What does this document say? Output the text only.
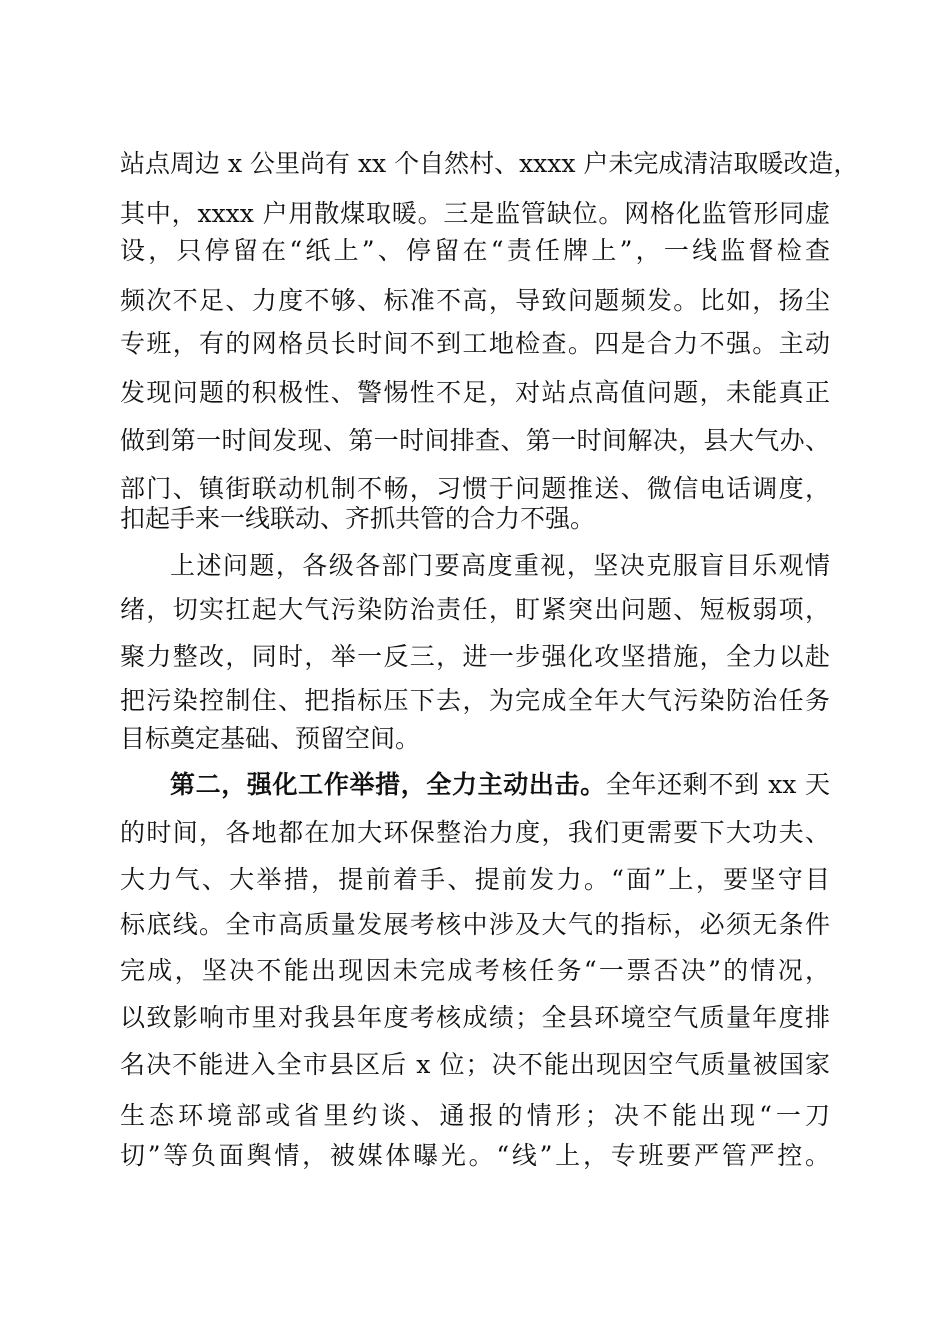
站点周边 x 公里尚有 xx 个自然村、xxxx 户未完成清洁取暖改造，
其中，xxxx 户用散煤取暖。三是监管缺位。网格化监管形同虚
设，只停留在“纸上”、停留在“责任牌上”，一线监督检查
频次不足、力度不够、标准不高，导致问题频发。比如，扬尘
专班，有的网格员长时间不到工地检查。四是合力不强。主动
发现问题的积极性、警惕性不足，对站点高值问题，未能真正
做到第一时间发现、第一时间排查、第一时间解决，县大气办、
部门、镇街联动机制不畅，习惯于问题推送、微信电话调度，
扣起手来一线联动、齐抓共管的合力不强。
上述问题，各级各部门要高度重视，坚决克服盲目乐观情
绪，切实扛起大气污染防治责任，盯紧突出问题、短板弱项，
聚力整改，同时，举一反三，进一步强化攻坚措施，全力以赴
把污染控制住、把指标压下去，为完成全年大气污染防治任务
目标奠定基础、预留空间。
第二，强化工作举措，全力主动出击。全年还剩不到 xx 天
的时间，各地都在加大环保整治力度，我们更需要下大功夫、
大力气、大举措，提前着手、提前发力。“面”上，要坚守目
标底线。全市高质量发展考核中涉及大气的指标，必须无条件
完成，坚决不能出现因未完成考核任务“一票否决”的情况，
以致影响市里对我县年度考核成绩；全县环境空气质量年度排
名决不能进入全市县区后 x 位；决不能出现因空气质量被国家
生态环境部或省里约谈、通报的情形；决不能出现“一刀
切”等负面舆情，被媒体曝光。“线”上，专班要严管严控。
